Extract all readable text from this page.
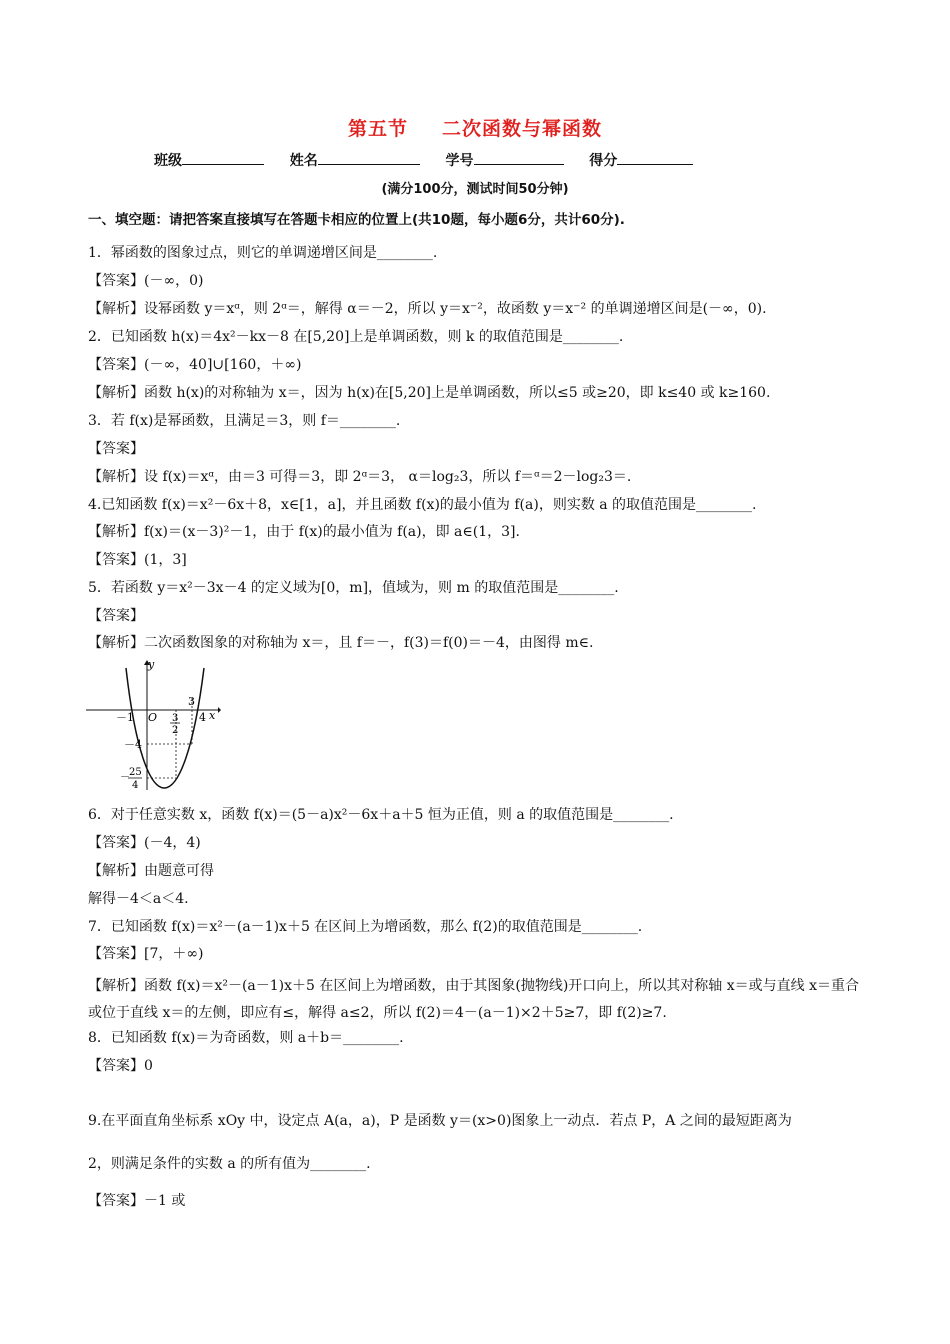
第五节 二次函数与幂函数
班级	姓名	学号	得分
(满分100分，测试时间50分钟)
一、填空题：请把答案直接填写在答题卡相应的位置上(共10题，每小题6分，共计60分).
1．幂函数的图象过点，则它的单调递增区间是________.
【答案】(－∞，0)
【解析】设幂函数 y＝xᵅ，则 2ᵅ＝，解得 α＝－2，所以 y＝x⁻²，故函数 y＝x⁻² 的单调递增区间是(－∞，0).
2．已知函数 h(x)＝4x²－kx－8 在[5,20]上是单调函数，则 k 的取值范围是________.
【答案】(－∞，40]∪[160，＋∞)
【解析】函数 h(x)的对称轴为 x＝，因为 h(x)在[5,20]上是单调函数，所以≤5 或≥20，即 k≤40 或 k≥160.
3．若 f(x)是幂函数，且满足＝3，则 f＝________.
【答案】
【解析】设 f(x)＝xᵅ，由＝3 可得＝3，即 2ᵅ＝3， α＝log₂3，所以 f＝ᵅ＝2－log₂3＝.
4.已知函数 f(x)＝x²－6x＋8，x∈[1，a]，并且函数 f(x)的最小值为 f(a)，则实数 a 的取值范围是________.
【解析】f(x)＝(x－3)²－1，由于 f(x)的最小值为 f(a)，即 a∈(1，3].
【答案】(1，3]
5．若函数 y＝x²－3x－4 的定义域为[0，m]，值域为，则 m 的取值范围是________.
【答案】
【解析】二次函数图象的对称轴为 x＝，且 f＝－，f(3)＝f(0)＝－4，由图得 m∈.
y
x
O
－1	4
3
3
2
－4
－ 25
4
6．对于任意实数 x，函数 f(x)＝(5－a)x²－6x＋a＋5 恒为正值，则 a 的取值范围是________.
【答案】(－4，4)
【解析】由题意可得
解得－4＜a＜4.
7．已知函数 f(x)＝x²－(a－1)x＋5 在区间上为增函数，那么 f(2)的取值范围是________.
【答案】[7，＋∞)
【解析】函数 f(x)＝x²－(a－1)x＋5 在区间上为增函数，由于其图象(抛物线)开口向上，所以其对称轴 x＝或与直线 x＝重合或位于直线 x＝的左侧，即应有≤，解得 a≤2，所以 f(2)＝4－(a－1)×2＋5≥7，即 f(2)≥7.
8．已知函数 f(x)＝为奇函数，则 a＋b＝________.
【答案】0
9.在平面直角坐标系 xOy 中，设定点 A(a，a)，P 是函数 y＝(x>0)图象上一动点．若点 P，A 之间的最短距离为
2，则满足条件的实数 a 的所有值为________.
【答案】－1 或
